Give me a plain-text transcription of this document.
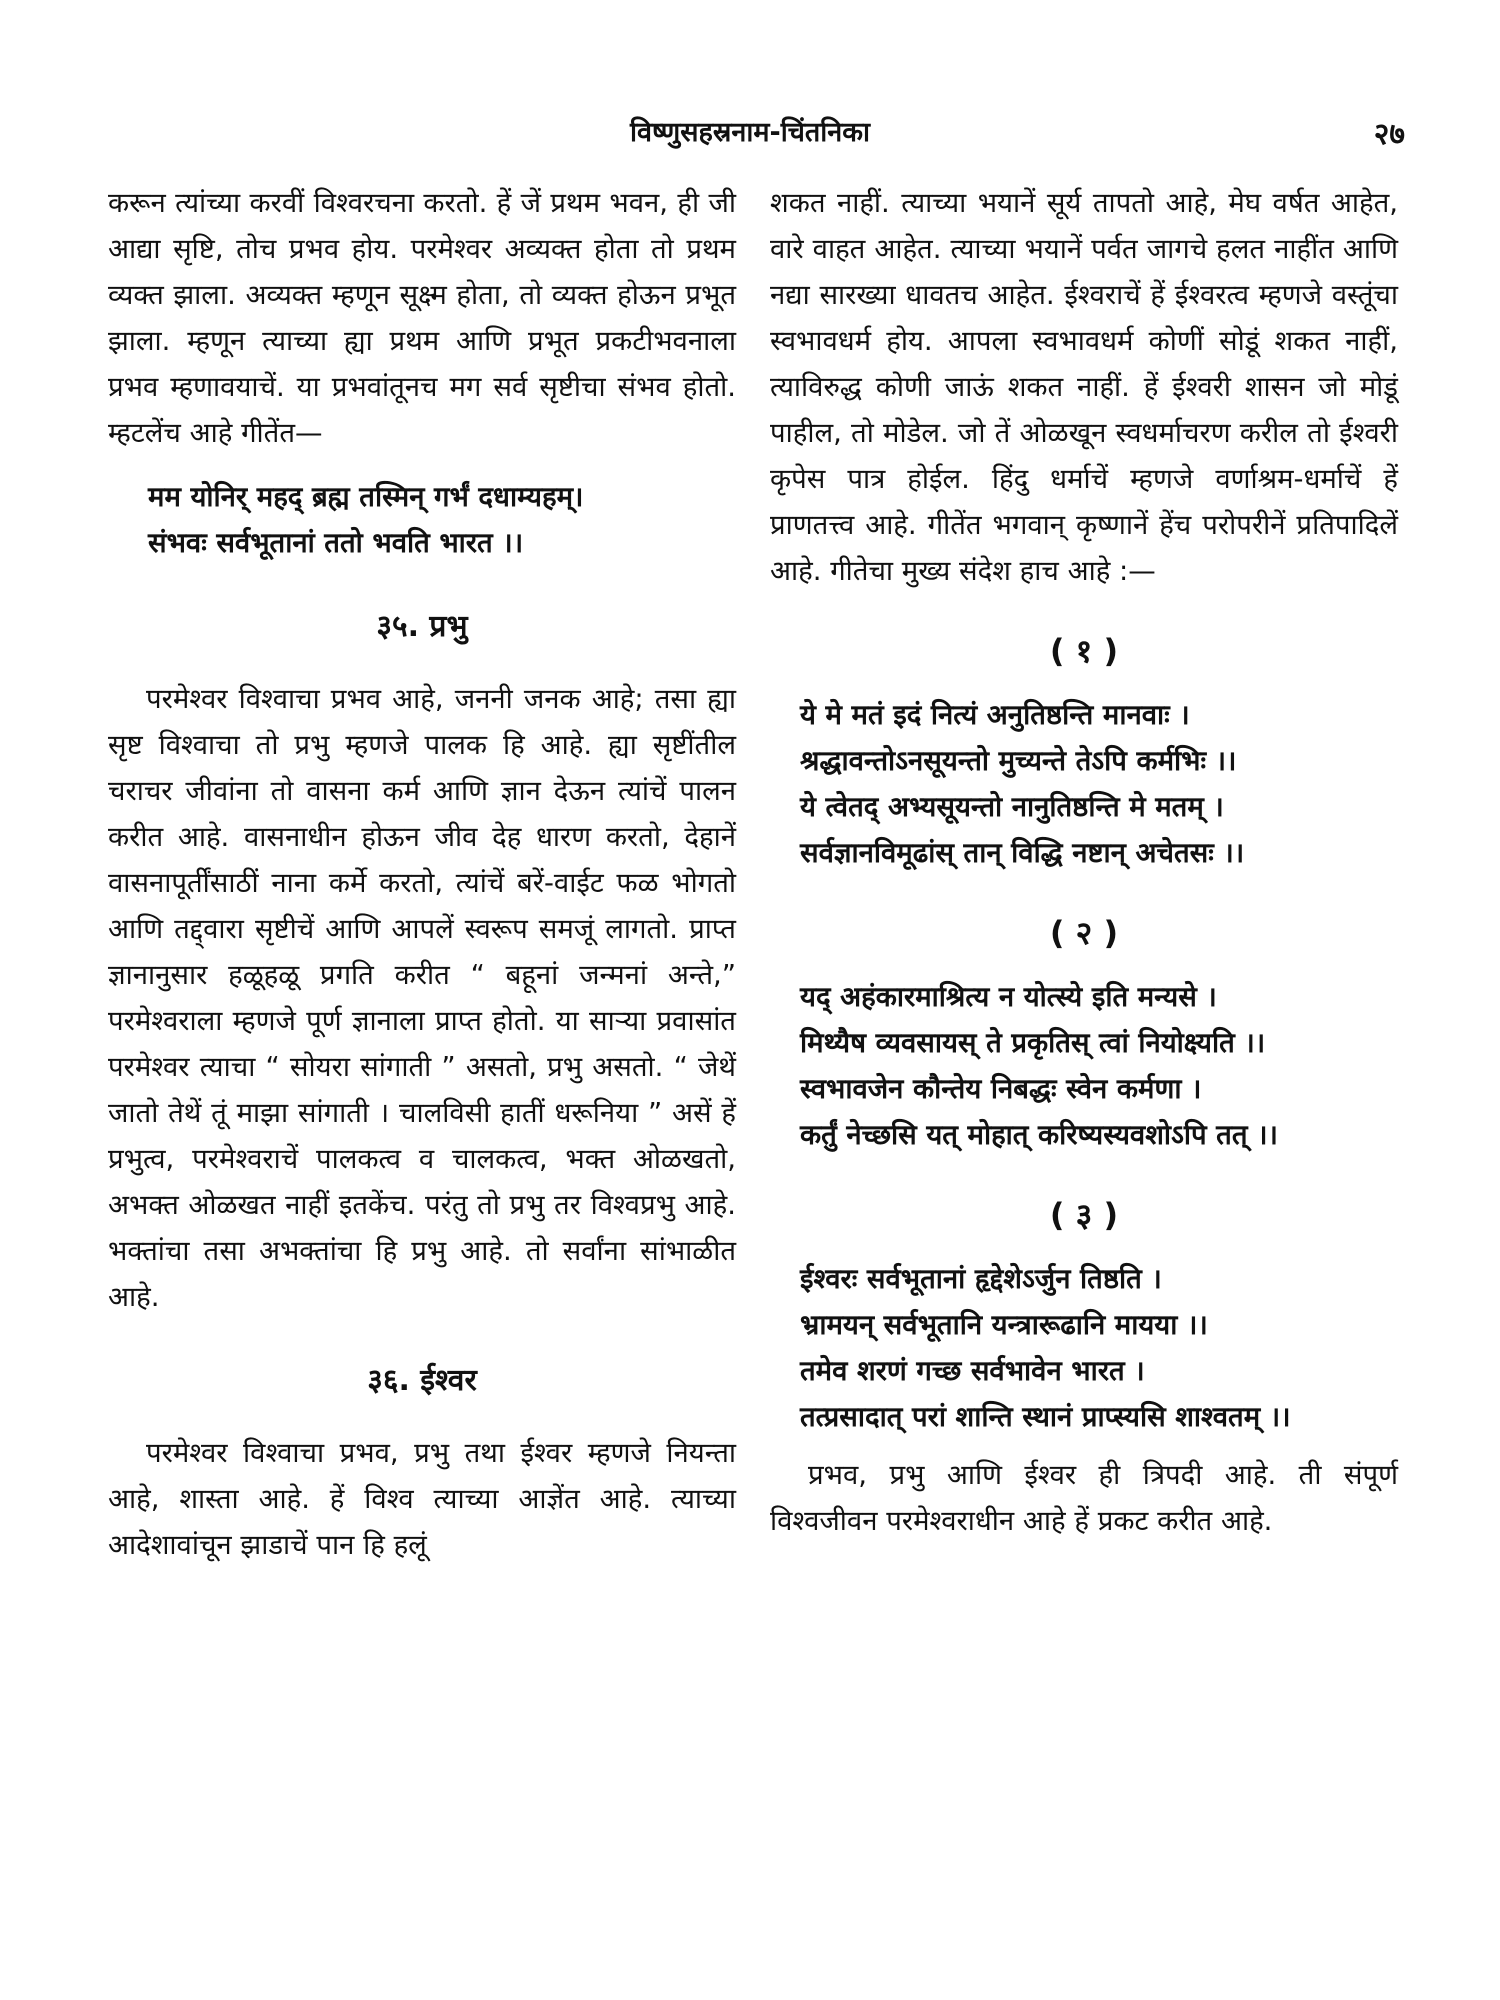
विष्णुसहस्रनाम-चिंतनिका	२७

करून त्यांच्या करवीं विश्वरचना करतो. हें जें प्रथम भवन, ही जी आद्या सृष्टि, तोच प्रभव होय. परमेश्वर अव्यक्त होता तो प्रथम व्यक्त झाला. अव्यक्त म्हणून सूक्ष्म होता, तो व्यक्त होऊन प्रभूत झाला. म्हणून त्याच्या ह्या प्रथम आणि प्रभूत प्रकटीभवनाला प्रभव म्हणावयाचें. या प्रभवांतूनच मग सर्व सृष्टीचा संभव होतो. म्हटलेंच आहे गीतेंत—

मम योनिर् महद् ब्रह्म तस्मिन् गर्भं दधाम्यहम्।
संभवः सर्वभूतानां ततो भवति भारत ।।
३५. प्रभु

परमेश्वर विश्वाचा प्रभव आहे, जननी जनक आहे; तसा ह्या सृष्ट विश्वाचा तो प्रभु म्हणजे पालक हि आहे. ह्या सृष्टींतील चराचर जीवांना तो वासना कर्म आणि ज्ञान देऊन त्यांचें पालन करीत आहे. वासनाधीन होऊन जीव देह धारण करतो, देहानें वासनापूर्तींसाठीं नाना कर्मे करतो, त्यांचें बरें-वाईट फळ भोगतो आणि तद्द्वारा सृष्टीचें आणि आपलें स्वरूप समजूं लागतो. प्राप्त ज्ञानानुसार हळूहळू प्रगति करीत “ बहूनां जन्मनां अन्ते,” परमेश्वराला म्हणजे पूर्ण ज्ञानाला प्राप्त होतो. या साऱ्या प्रवासांत परमेश्वर त्याचा “ सोयरा सांगाती ” असतो, प्रभु असतो. “ जेथें जातो तेथें तूं माझा सांगाती । चालविसी हातीं धरूनिया ” असें हें प्रभुत्व, परमेश्वराचें पालकत्व व चालकत्व, भक्त ओळखतो, अभक्त ओळखत नाहीं इतकेंच. परंतु तो प्रभु तर विश्वप्रभु आहे. भक्तांचा तसा अभक्तांचा हि प्रभु आहे. तो सर्वांना सांभाळीत आहे.

३६. ईश्वर

परमेश्वर विश्वाचा प्रभव, प्रभु तथा ईश्वर म्हणजे नियन्ता आहे, शास्ता आहे. हें विश्व त्याच्या आज्ञेंत आहे. त्याच्या आदेशावांचून झाडाचें पान हि हलूं

शकत नाहीं. त्याच्या भयानें सूर्य तापतो आहे, मेघ वर्षत आहेत, वारे वाहत आहेत. त्याच्या भयानें पर्वत जागचे हलत नाहींत आणि नद्या सारख्या धावतच आहेत. ईश्वराचें हें ईश्वरत्व म्हणजे वस्तूंचा स्वभावधर्म होय. आपला स्वभावधर्म कोणीं सोडूं शकत नाहीं, त्याविरुद्ध कोणी जाऊं शकत नाहीं. हें ईश्वरी शासन जो मोडूं पाहील, तो मोडेल. जो तें ओळखून स्वधर्माचरण करील तो ईश्वरी कृपेस पात्र होईल. हिंदु धर्माचें म्हणजे वर्णाश्रम-धर्माचें हें प्राणतत्त्व आहे. गीतेंत भगवान् कृष्णानें हेंच परोपरीनें प्रतिपादिलें आहे. गीतेचा मुख्य संदेश हाच आहे :—

( १ )
ये मे मतं इदं नित्यं अनुतिष्ठन्ति मानवाः ।
श्रद्धावन्तोऽनसूयन्तो मुच्यन्ते तेऽपि कर्मभिः ।।
ये त्वेतद् अभ्यसूयन्तो नानुतिष्ठन्ति मे मतम् ।
सर्वज्ञानविमूढांस् तान् विद्धि नष्टान् अचेतसः ।।
( २ )
यद् अहंकारमाश्रित्य न योत्स्ये इति मन्यसे ।
मिथ्यैष व्यवसायस् ते प्रकृतिस् त्वां नियोक्ष्यति ।।
स्वभावजेन कौन्तेय निबद्धः स्वेन कर्मणा ।
कर्तुं नेच्छसि यत् मोहात् करिष्यस्यवशोऽपि तत् ।।
( ३ )
ईश्वरः सर्वभूतानां हृद्देशेऽर्जुन तिष्ठति ।
भ्रामयन् सर्वभूतानि यन्त्रारूढानि मायया ।।
तमेव शरणं गच्छ सर्वभावेन भारत ।
तत्प्रसादात् परां शान्ति स्थानं प्राप्स्यसि शाश्वतम् ।।

प्रभव, प्रभु आणि ईश्वर ही त्रिपदी आहे. ती संपूर्ण विश्वजीवन परमेश्वराधीन आहे हें प्रकट करीत आहे.
